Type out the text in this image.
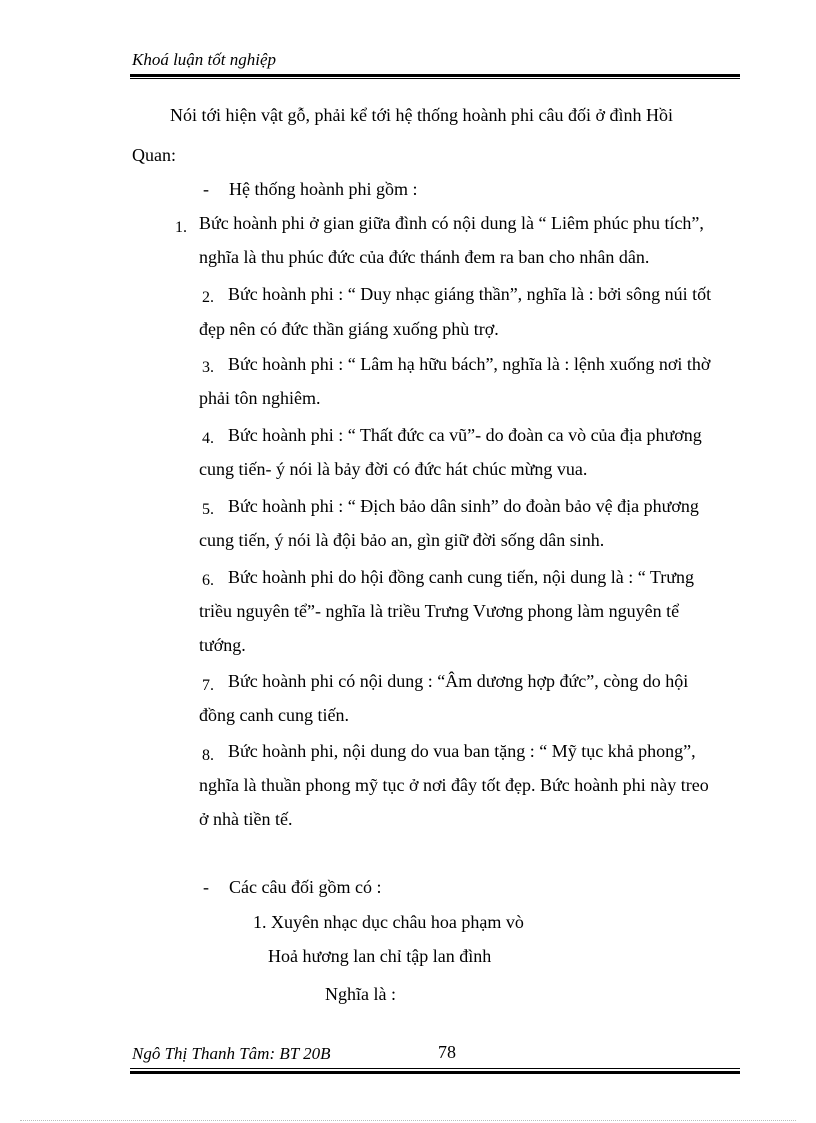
Khoá luận tốt nghiệp
Nói tới hiện vật gỗ, phải kể tới hệ thống hoành phi câu đối ở đình Hồi
Quan:
- Hệ thống hoành phi gồm :
1. Bức hoành phi ở gian giữa đình có nội dung là “ Liêm phúc phu tích”,
nghĩa là thu phúc đức của đức thánh đem ra ban cho nhân dân.
2. Bức hoành phi : “ Duy nhạc giáng thần”, nghĩa là : bởi sông núi tốt
đẹp nên có đức thần giáng xuống phù trợ.
3. Bức hoành phi : “ Lâm hạ hữu bách”, nghĩa là : lệnh xuống nơi thờ
phải tôn nghiêm.
4. Bức hoành phi : “ Thất đức ca vũ”- do đoàn ca vò của địa phương
cung tiến- ý nói là bảy đời có đức hát chúc mừng vua.
5. Bức hoành phi : “ Địch bảo dân sinh” do đoàn bảo vệ địa phương
cung tiến, ý nói là đội bảo an, gìn giữ đời sống dân sinh.
6. Bức hoành phi do hội đồng canh cung tiến, nội dung là : “ Trưng
triều nguyên tể”- nghĩa là triều Trưng Vương phong làm nguyên tể
tướng.
7. Bức hoành phi có nội dung : “Âm dương hợp đức”, còng do hội
đồng canh cung tiến.
8. Bức hoành phi, nội dung do vua ban tặng : “ Mỹ tục khả phong”,
nghĩa là thuần phong mỹ tục ở nơi đây tốt đẹp. Bức hoành phi này treo
ở nhà tiền tế.
- Các câu đối gồm có :
1. Xuyên nhạc dục châu hoa phạm vò
Hoả hương lan chỉ tập lan đình
Nghĩa là :
Ngô Thị Thanh Tâm: BT 20B	78
